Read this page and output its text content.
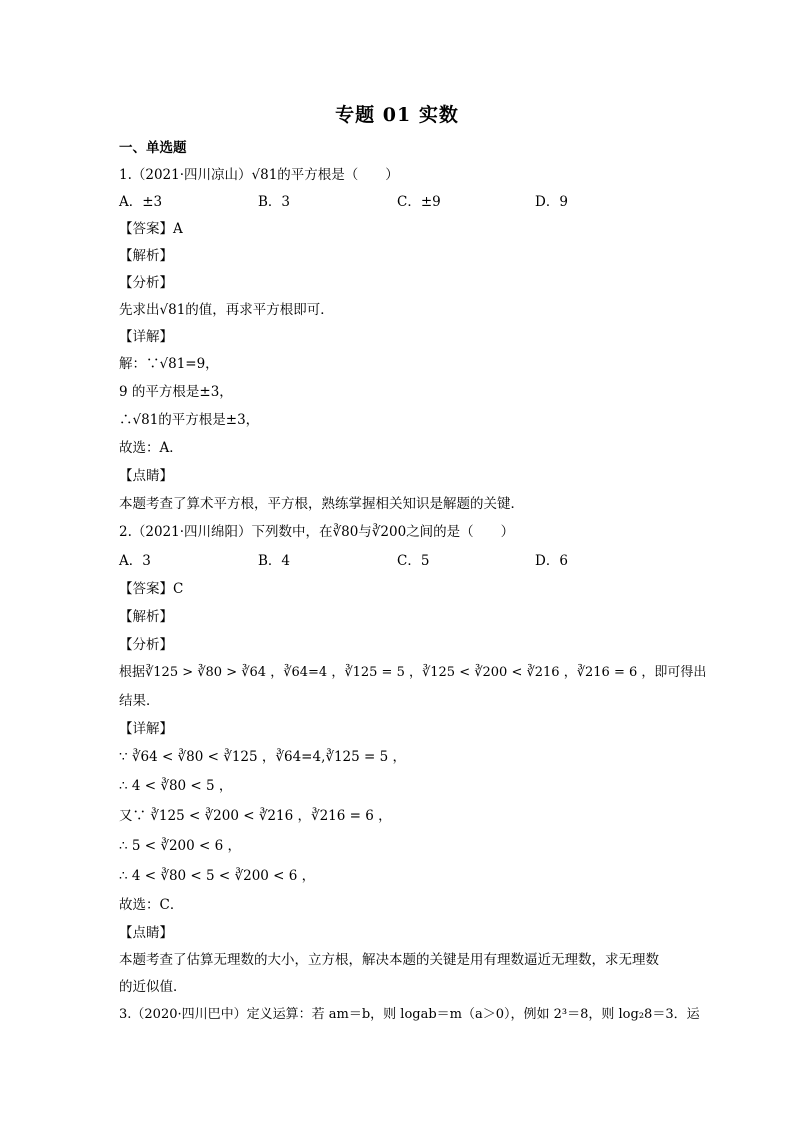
专题 01 实数
一、单选题
1.（2021·四川凉山）√81的平方根是（　　）
A．±3	B．3	C．±9	D．9
【答案】A
【解析】
【分析】
先求出√81的值，再求平方根即可．
【详解】
解：∵√81=9，
9 的平方根是±3，
∴√81的平方根是±3，
故选：A．
【点睛】
本题考查了算术平方根，平方根，熟练掌握相关知识是解题的关键．
2.（2021·四川绵阳）下列数中，在∛80与∛200之间的是（　　）
A．3	B．4	C．5	D．6
【答案】C
【解析】
【分析】
根据∛125 > ∛80 > ∛64 ，∛64=4 ，∛125 = 5 ，∛125 < ∛200 < ∛216 ，∛216 = 6 ，即可得出
结果．
【详解】
∵ ∛64 < ∛80 < ∛125 ，∛64=4,∛125 = 5 ，
∴ 4 < ∛80 < 5 ，
又∵ ∛125 < ∛200 < ∛216 ，∛216 = 6 ，
∴ 5 < ∛200 < 6 ，
∴ 4 < ∛80 < 5 < ∛200 < 6 ，
故选：C．
【点睛】
本题考查了估算无理数的大小，立方根，解决本题的关键是用有理数逼近无理数，求无理数
的近似值．
3.（2020·四川巴中）定义运算：若 am＝b，则 logab＝m（a＞0），例如 2³＝8，则 log₂8＝3．运
